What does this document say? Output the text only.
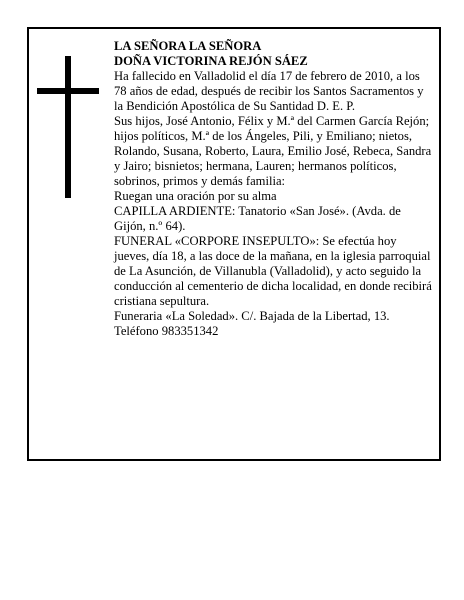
LA SEÑORA LA SEÑORA

DOÑA VICTORINA REJÓN SÁEZ

Ha fallecido en Valladolid el día 17 de febrero de 2010, a los 78 años de edad, después de recibir los Santos Sacramentos y la Bendición Apostólica de Su Santidad D. E. P.

Sus hijos, José Antonio, Félix y M.ª del Carmen García Rejón; hijos políticos, M.ª de los Ángeles, Pili, y Emiliano; nietos, Rolando, Susana, Roberto, Laura, Emilio José, Rebeca, Sandra y Jairo; bisnietos; hermana, Lauren; hermanos políticos, sobrinos, primos y demás familia:

Ruegan una oración por su alma

CAPILLA ARDIENTE: Tanatorio «San José». (Avda. de Gijón, n.º 64).

FUNERAL «CORPORE INSEPULTO»: Se efectúa hoy jueves, día 18, a las doce de la mañana, en la iglesia parroquial de La Asunción, de Villanubla (Valladolid), y acto seguido la conducción al cementerio de dicha localidad, en donde recibirá cristiana sepultura.

Funeraria «La Soledad». C/. Bajada de la Libertad, 13. Teléfono 983351342
